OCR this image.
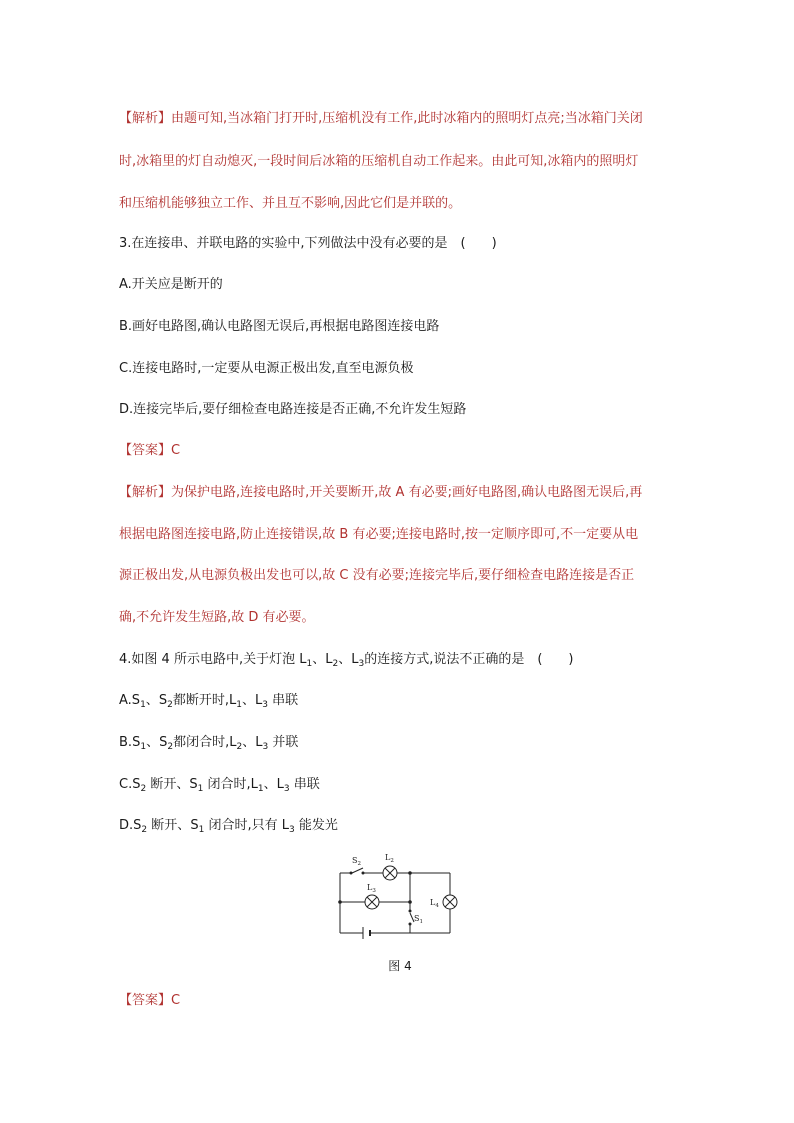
【解析】由题可知,当冰箱门打开时,压缩机没有工作,此时冰箱内的照明灯点亮;当冰箱门关闭
时,冰箱里的灯自动熄灭,一段时间后冰箱的压缩机自动工作起来。由此可知,冰箱内的照明灯
和压缩机能够独立工作、并且互不影响,因此它们是并联的。
3.在连接串、并联电路的实验中,下列做法中没有必要的是　(　　)
A.开关应是断开的
B.画好电路图,确认电路图无误后,再根据电路图连接电路
C.连接电路时,一定要从电源正极出发,直至电源负极
D.连接完毕后,要仔细检查电路连接是否正确,不允许发生短路
【答案】C
【解析】为保护电路,连接电路时,开关要断开,故 A 有必要;画好电路图,确认电路图无误后,再
根据电路图连接电路,防止连接错误,故 B 有必要;连接电路时,按一定顺序即可,不一定要从电
源正极出发,从电源负极出发也可以,故 C 没有必要;连接完毕后,要仔细检查电路连接是否正
确,不允许发生短路,故 D 有必要。
4.如图 4 所示电路中,关于灯泡 $L_1$、$L_2$、$L_3$的连接方式,说法不正确的是　(　　)
$A.S_1$、$S_2$都断开时$,L_1$、$L_3$ 串联
$B.S_1$、$S_2$都闭合时$,L_2$、$L_3$ 并联
$C.S_2$ 断开、$S_1$ 闭合时$,L_1$、$L_3$ 串联
$D.S_2$ 断开、$S_1$ 闭合时,只有 $L_3$ 能发光
$S_2$
$L_2$
$L_3$
$L_4$
$S_1$
图 4
【答案】C
